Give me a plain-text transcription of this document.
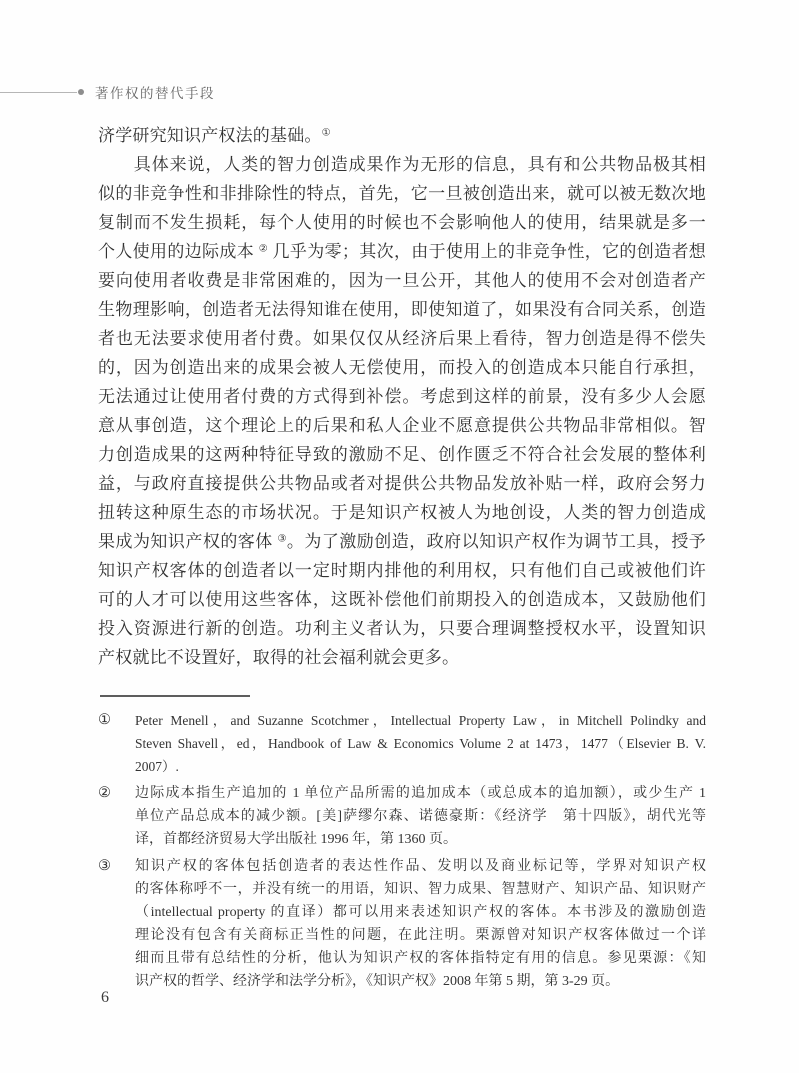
著作权的替代手段
济学研究知识产权法的基础。①
　　具体来说，人类的智力创造成果作为无形的信息，具有和公共物品极其相
似的非竞争性和非排除性的特点，首先，它一旦被创造出来，就可以被无数次地
复制而不发生损耗，每个人使用的时候也不会影响他人的使用，结果就是多一
个人使用的边际成本 ② 几乎为零；其次，由于使用上的非竞争性，它的创造者想
要向使用者收费是非常困难的，因为一旦公开，其他人的使用不会对创造者产
生物理影响，创造者无法得知谁在使用，即使知道了，如果没有合同关系，创造
者也无法要求使用者付费。如果仅仅从经济后果上看待，智力创造是得不偿失
的，因为创造出来的成果会被人无偿使用，而投入的创造成本只能自行承担，
无法通过让使用者付费的方式得到补偿。考虑到这样的前景，没有多少人会愿
意从事创造，这个理论上的后果和私人企业不愿意提供公共物品非常相似。智
力创造成果的这两种特征导致的激励不足、创作匮乏不符合社会发展的整体利
益，与政府直接提供公共物品或者对提供公共物品发放补贴一样，政府会努力
扭转这种原生态的市场状况。于是知识产权被人为地创设，人类的智力创造成
果成为知识产权的客体 ③。为了激励创造，政府以知识产权作为调节工具，授予
知识产权客体的创造者以一定时期内排他的利用权，只有他们自己或被他们许
可的人才可以使用这些客体，这既补偿他们前期投入的创造成本，又鼓励他们
投入资源进行新的创造。功利主义者认为，只要合理调整授权水平，设置知识
产权就比不设置好，取得的社会福利就会更多。
①	Peter Menell，and Suzanne Scotchmer，Intellectual Property Law，in Mitchell Polindky and
Steven Shavell，ed，Handbook of Law & Economics Volume 2 at 1473，1477（Elsevier B. V.
2007）.
②	边际成本指生产追加的 1 单位产品所需的追加成本（或总成本的追加额），或少生产 1
单位产品总成本的减少额。[美]萨缪尔森、诺德豪斯：《经济学　第十四版》，胡代光等
译，首都经济贸易大学出版社 1996 年，第 1360 页。
③	知识产权的客体包括创造者的表达性作品、发明以及商业标记等，学界对知识产权
的客体称呼不一，并没有统一的用语，知识、智力成果、智慧财产、知识产品、知识财产
（intellectual property 的直译）都可以用来表述知识产权的客体。本书涉及的激励创造
理论没有包含有关商标正当性的问题，在此注明。栗源曾对知识产权客体做过一个详
细而且带有总结性的分析，他认为知识产权的客体指特定有用的信息。参见栗源：《知
识产权的哲学、经济学和法学分析》，《知识产权》2008 年第 5 期，第 3-29 页。
6
